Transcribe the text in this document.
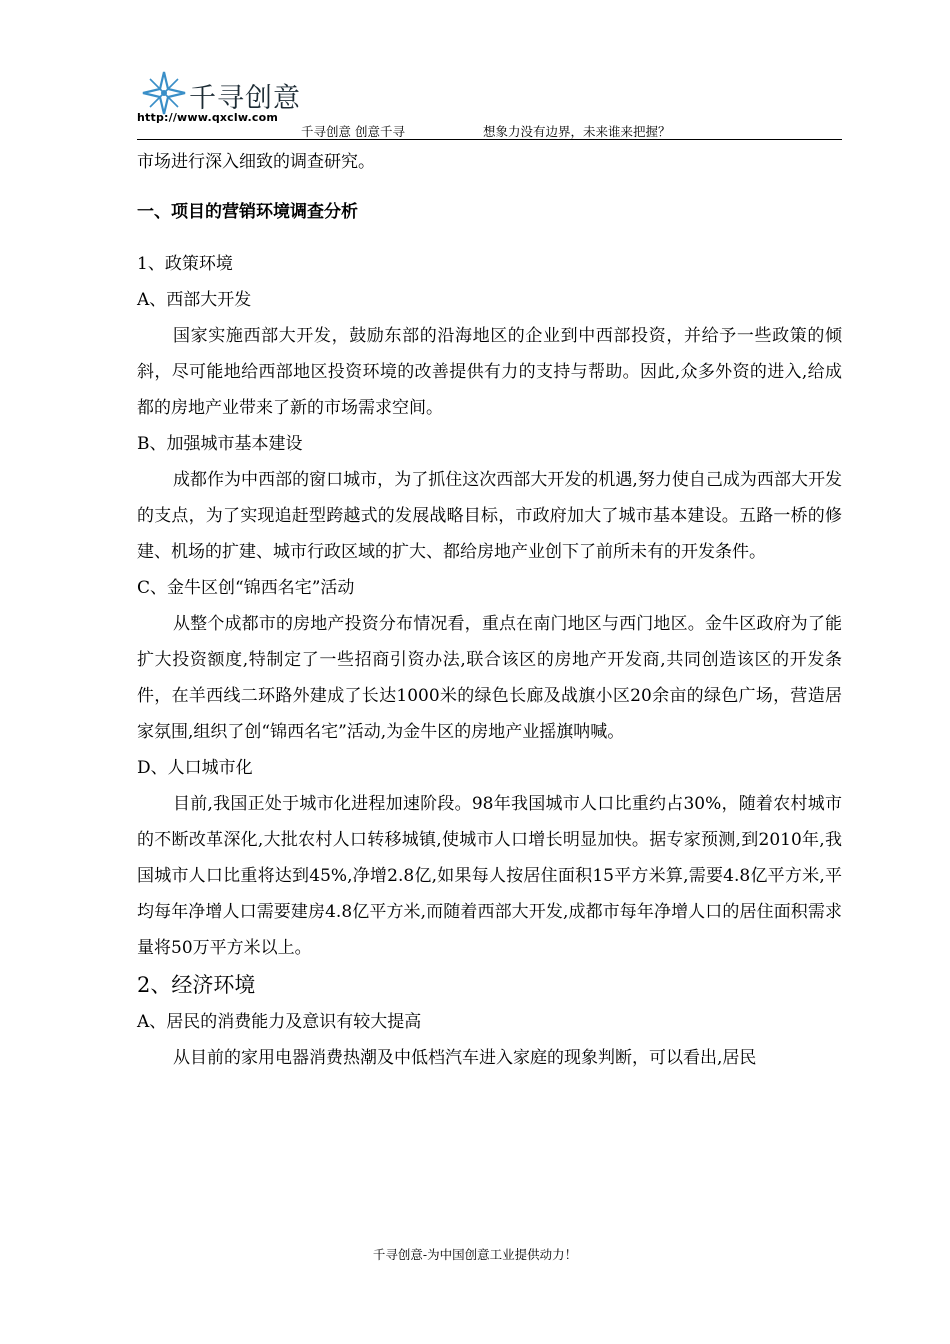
千寻创意
http://www.qxclw.com
千寻创意 创意千寻	想象力没有边界，未来谁来把握？
市场进行深入细致的调查研究。
一、项目的营销环境调查分析
1、政策环境
A、西部大开发

国家实施西部大开发，鼓励东部的沿海地区的企业到中西部投资，并给予一些政策的倾斜，尽可能地给西部地区投资环境的改善提供有力的支持与帮助。因此,众多外资的进入,给成都的房地产业带来了新的市场需求空间。

B、加强城市基本建设

成都作为中西部的窗口城市，为了抓住这次西部大开发的机遇,努力使自己成为西部大开发的支点，为了实现追赶型跨越式的发展战略目标，市政府加大了城市基本建设。五路一桥的修建、机场的扩建、城市行政区域的扩大、都给房地产业创下了前所未有的开发条件。

C、金牛区创“锦西名宅”活动

从整个成都市的房地产投资分布情况看，重点在南门地区与西门地区。金牛区政府为了能扩大投资额度,特制定了一些招商引资办法,联合该区的房地产开发商,共同创造该区的开发条件，在羊西线二环路外建成了长达1000米的绿色长廊及战旗小区20余亩的绿色广场，营造居家氛围,组织了创“锦西名宅”活动,为金牛区的房地产业摇旗呐喊。

D、人口城市化

目前,我国正处于城市化进程加速阶段。98年我国城市人口比重约占30%，随着农村城市的不断改革深化,大批农村人口转移城镇,使城市人口增长明显加快。据专家预测,到2010年,我国城市人口比重将达到45%,净增2.8亿,如果每人按居住面积15平方米算,需要4.8亿平方米,平均每年净增人口需要建房4.8亿平方米,而随着西部大开发,成都市每年净增人口的居住面积需求量将50万平方米以上。

2、经济环境
A、居民的消费能力及意识有较大提高

从目前的家用电器消费热潮及中低档汽车进入家庭的现象判断，可以看出,居民

千寻创意-为中国创意工业提供动力！
